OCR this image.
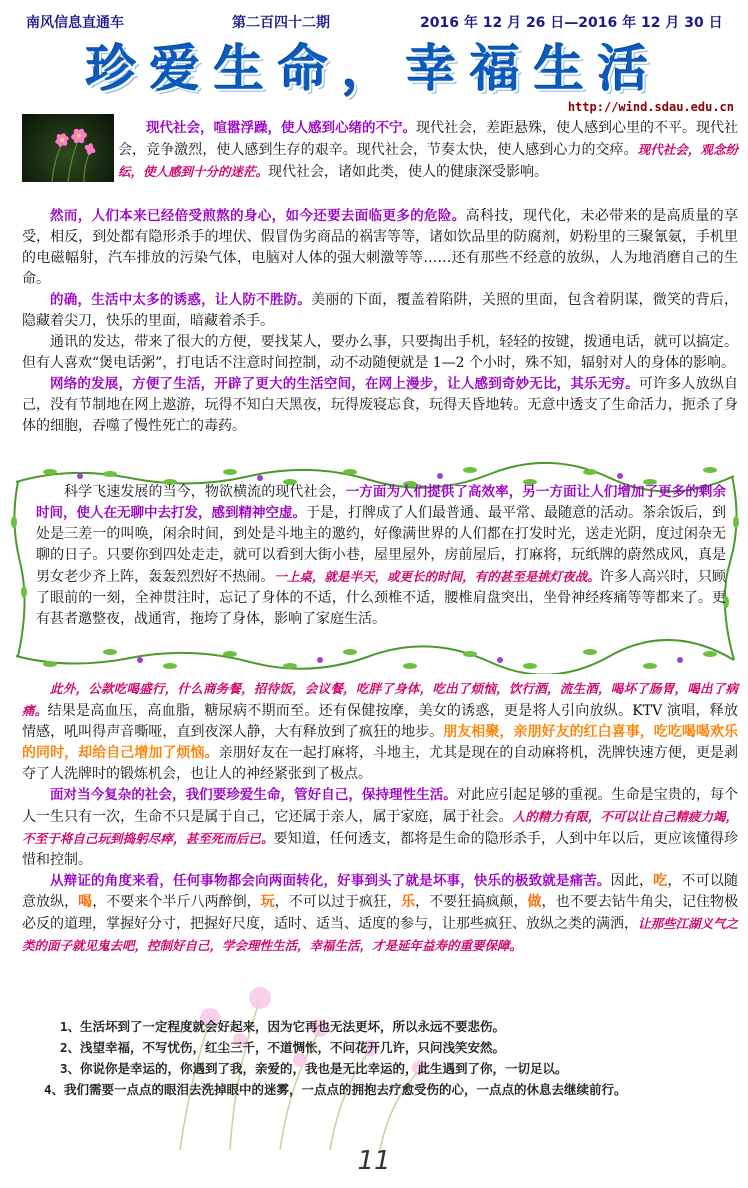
南风信息直通车	第二百四十二期	2016 年 12 月 26 日—2016 年 12 月 30 日
珍爱生命，幸福生活
http://wind.sdau.edu.cn

现代社会，喧嚣浮躁，使人感到心绪的不宁。现代社会，差距悬殊，使人感到心里的不平。现代社会，竞争激烈，使人感到生存的艰辛。现代社会，节奏太快，使人感到心力的交瘁。现代社会，观念纷纭，使人感到十分的迷茫。现代社会，诸如此类，使人的健康深受影响。

然而，人们本来已经倍受煎熬的身心，如今还要去面临更多的危险。高科技，现代化，未必带来的是高质量的享受，相反，到处都有隐形杀手的埋伏、假冒伪劣商品的祸害等等，诸如饮品里的防腐剂，奶粉里的三聚氰氨，手机里的电磁幅射，汽车排放的污染气体，电脑对人体的强大刺激等等……还有那些不经意的放纵，人为地消磨自己的生命。

的确，生活中太多的诱惑，让人防不胜防。美丽的下面，覆盖着陷阱，关照的里面，包含着阴谋，微笑的背后，隐藏着尖刀，快乐的里面，暗藏着杀手。

通讯的发达，带来了很大的方便，要找某人，要办么事，只要掏出手机，轻轻的按键，拨通电话，就可以搞定。但有人喜欢“煲电话粥”，打电话不注意时间控制，动不动随便就是 1—2 个小时，殊不知，辐射对人的身体的影响。

网络的发展，方便了生活，开辟了更大的生活空间，在网上漫步，让人感到奇妙无比，其乐无穷。可许多人放纵自己，没有节制地在网上遨游，玩得不知白天黑夜，玩得废寝忘食，玩得天昏地转。无意中透支了生命活力，扼杀了身体的细胞，吞噬了慢性死亡的毒药。

科学飞速发展的当今，物欲横流的现代社会，一方面为人们提供了高效率，另一方面让人们增加了更多的剩余时间，使人在无聊中去打发，感到精神空虚。于是，打牌成了人们最普通、最平常、最随意的活动。茶余饭后，到处是三差一的叫唤，闲余时间，到处是斗地主的邀约，好像满世界的人们都在打发时光，送走光阴，度过闲杂无聊的日子。只要你到四处走走，就可以看到大街小巷，屋里屋外，房前屋后，打麻将，玩纸牌的蔚然成风，真是男女老少齐上阵，轰轰烈烈好不热闹。一上桌，就是半天，或更长的时间，有的甚至是挑灯夜战。许多人高兴时，只顾了眼前的一刻，全神贯注时，忘记了身体的不适，什么颈椎不适，腰椎肩盘突出，坐骨神经疼痛等等都来了。更有甚者邀整夜，战通宵，拖垮了身体，影响了家庭生活。

此外，公款吃喝盛行，什么商务餐，招待饭，会议餐，吃胖了身体，吃出了烦恼，饮行酒，流生酒，喝坏了肠胃，喝出了病痛。结果是高血压，高血脂，糖尿病不期而至。还有保健按摩，美女的诱惑，更是将人引向放纵。KTV 演唱，释放情感，吼叫得声音嘶哑，直到夜深人静，大有释放到了疯狂的地步。朋友相聚，亲朋好友的红白喜事，吃吃喝喝欢乐的同时，却给自己增加了烦恼。亲朋好友在一起打麻将，斗地主，尤其是现在的自动麻将机，洗牌快速方便，更是剥夺了人洗牌时的锻炼机会，也让人的神经紧张到了极点。

面对当今复杂的社会，我们要珍爱生命，管好自己，保持理性生活。对此应引起足够的重视。生命是宝贵的，每个人一生只有一次，生命不只是属于自己，它还属于亲人，属于家庭，属于社会。人的精力有限，不可以让自己精疲力竭，不至于将自己玩到捣躬尽瘁，甚至死而后已。要知道，任何透支，都将是生命的隐形杀手，人到中年以后，更应该懂得珍惜和控制。

从辩证的角度来看，任何事物都会向两面转化，好事到头了就是坏事，快乐的极致就是痛苦。因此，吃，不可以随意放纵，喝，不要来个半斤八两醉倒，玩，不可以过于疯狂，乐，不要狂搞疯颠，做，也不要去钻牛角尖，记住物极必反的道理，掌握好分寸，把握好尺度，适时、适当、适度的参与，让那些疯狂、放纵之类的满洒，让那些江湖义气之类的面子就见鬼去吧，控制好自己，学会理性生活，幸福生活，才是延年益寿的重要保障。

1、生活坏到了一定程度就会好起来，因为它再也无法更坏，所以永远不要悲伤。

2、浅望幸福，不写忧伤，红尘三千，不道惆怅，不问花开几许，只问浅笑安然。

3、你说你是幸运的，你遇到了我，亲爱的，我也是无比幸运的，此生遇到了你，一切足以。

4、我们需要一点点的眼泪去洗掉眼中的迷雾，一点点的拥抱去疗愈受伤的心，一点点的休息去继续前行。

11
